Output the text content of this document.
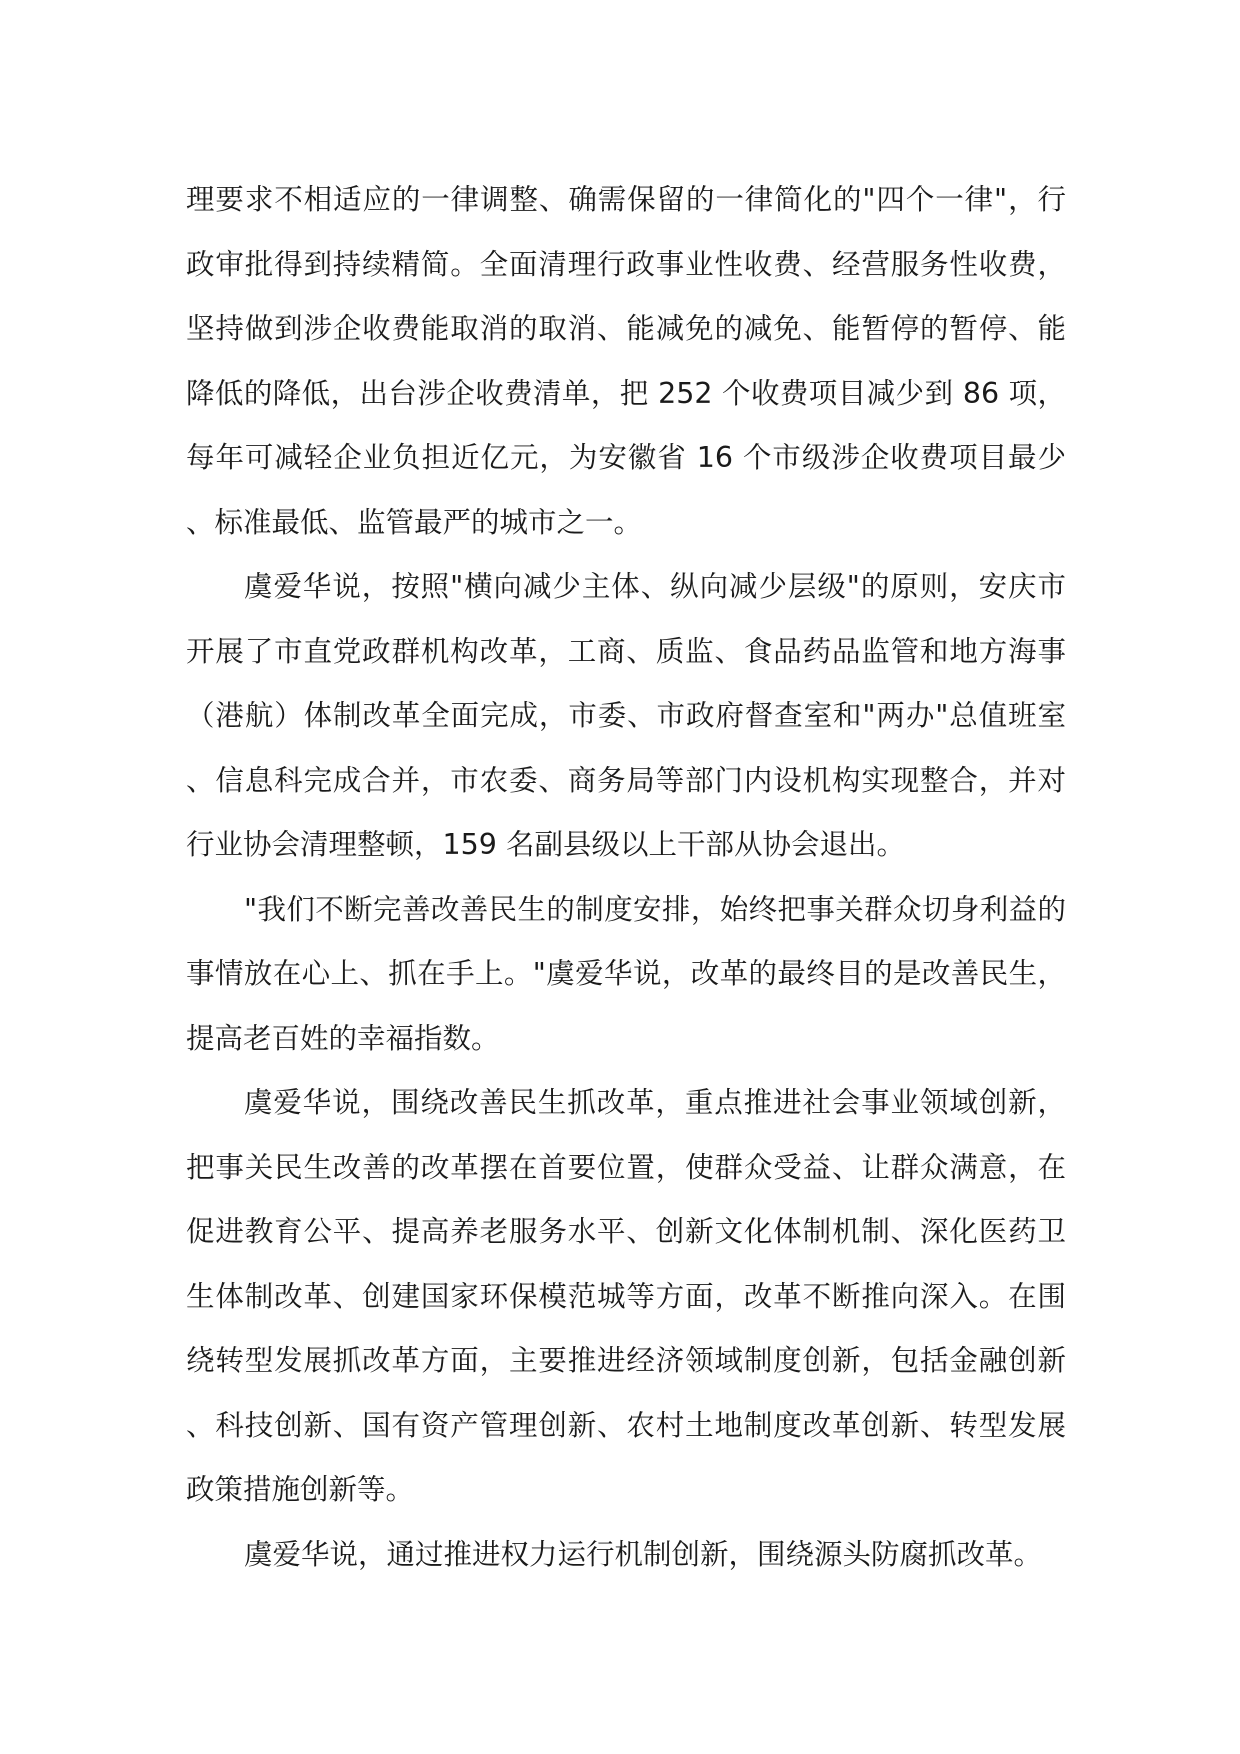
理要求不相适应的一律调整、确需保留的一律简化的"四个一律"，行政审批得到持续精简。全面清理行政事业性收费、经营服务性收费，坚持做到涉企收费能取消的取消、能减免的减免、能暂停的暂停、能降低的降低，出台涉企收费清单，把 252 个收费项目减少到 86 项，每年可减轻企业负担近亿元，为安徽省 16 个市级涉企收费项目最少、标准最低、监管最严的城市之一。

虞爱华说，按照"横向减少主体、纵向减少层级"的原则，安庆市开展了市直党政群机构改革，工商、质监、食品药品监管和地方海事（港航）体制改革全面完成，市委、市政府督查室和"两办"总值班室、信息科完成合并，市农委、商务局等部门内设机构实现整合，并对行业协会清理整顿，159 名副县级以上干部从协会退出。

"我们不断完善改善民生的制度安排，始终把事关群众切身利益的事情放在心上、抓在手上。"虞爱华说，改革的最终目的是改善民生，提高老百姓的幸福指数。

虞爱华说，围绕改善民生抓改革，重点推进社会事业领域创新，把事关民生改善的改革摆在首要位置，使群众受益、让群众满意，在促进教育公平、提高养老服务水平、创新文化体制机制、深化医药卫生体制改革、创建国家环保模范城等方面，改革不断推向深入。在围绕转型发展抓改革方面，主要推进经济领域制度创新，包括金融创新、科技创新、国有资产管理创新、农村土地制度改革创新、转型发展政策措施创新等。

虞爱华说，通过推进权力运行机制创新，围绕源头防腐抓改革。
